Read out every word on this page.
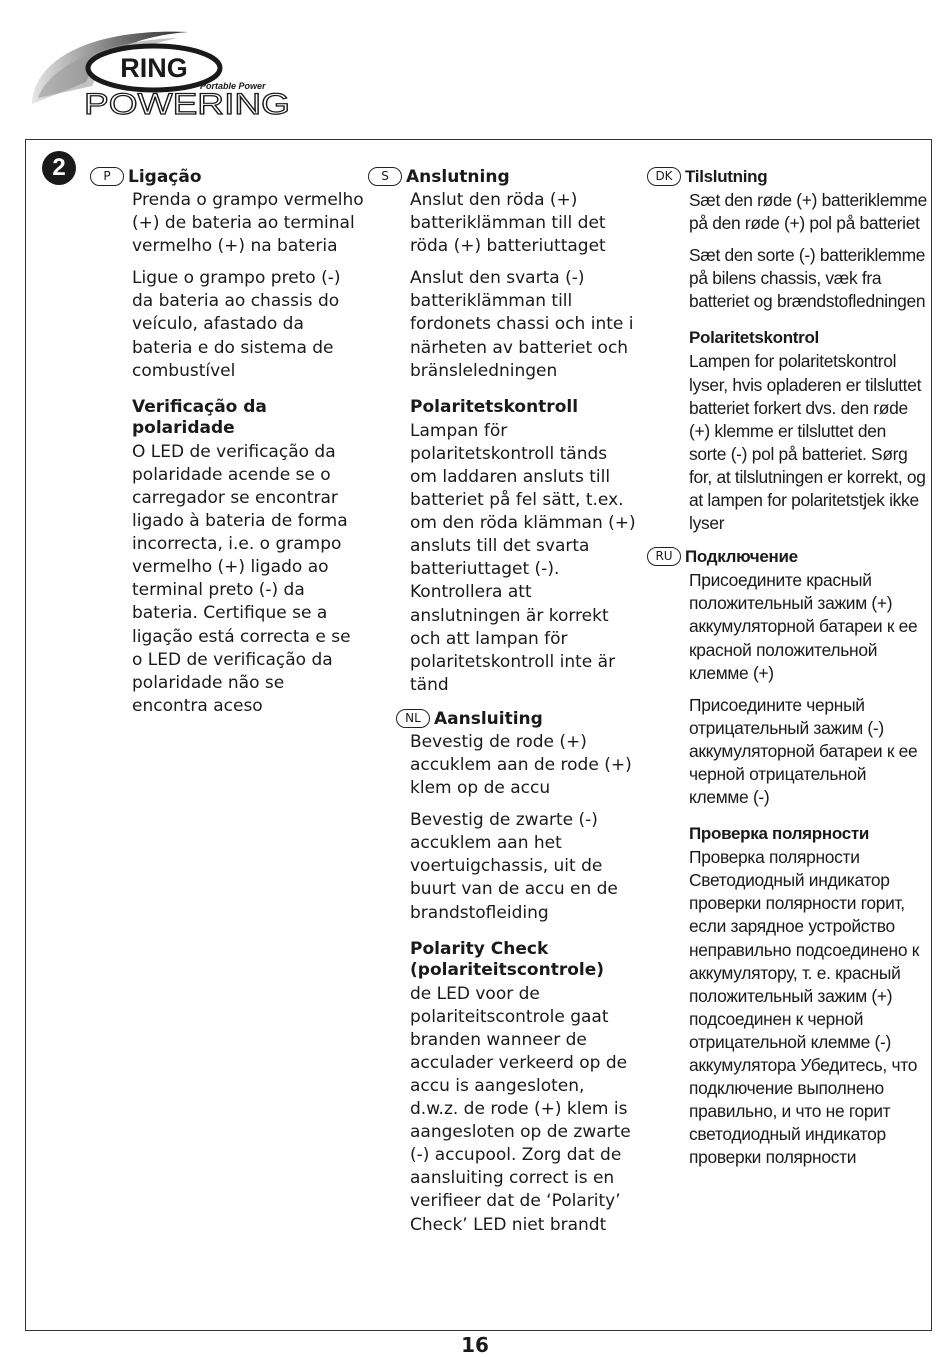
RING
Portable Power
POWERING
2	P	Ligação

Prenda o grampo vermelho (+) de bateria ao terminal vermelho (+) na bateria

Ligue o grampo preto (-) da bateria ao chassis do veículo, afastado da bateria e do sistema de combustível

Verificação da polaridade

O LED de verificação da polaridade acende se o carregador se encontrar ligado à bateria de forma incorrecta, i.e. o grampo vermelho (+) ligado ao terminal preto (-) da bateria. Certifique se a ligação está correcta e se o LED de verificação da polaridade não se encontra aceso

S	Anslutning

Anslut den röda (+) batteriklämman till det röda (+) batteriuttaget

Anslut den svarta (-) batteriklämman till fordonets chassi och inte i närheten av batteriet och bränsleledningen

Polaritetskontroll

Lampan för polaritetskontroll tänds om laddaren ansluts till batteriet på fel sätt, t.ex. om den röda klämman (+) ansluts till det svarta batteriuttaget (-). Kontrollera att anslutningen är korrekt och att lampan för polaritetskontroll inte är tänd

NL Aansluiting

Bevestig de rode (+) accuklem aan de rode (+) klem op de accu

Bevestig de zwarte (-) accuklem aan het voertuigchassis, uit de buurt van de accu en de brandstofleiding

Polarity Check (polariteitscontrole)

de LED voor de polariteitscontrole gaat branden wanneer de acculader verkeerd op de accu is aangesloten, d.w.z. de rode (+) klem is aangesloten op de zwarte (-) accupool. Zorg dat de aansluiting correct is en verifieer dat de ‘Polarity’ Check’ LED niet brandt

DK Tilslutning

Sæt den røde (+) batteriklemme på den røde (+) pol på batteriet

Sæt den sorte (-) batteriklemme på bilens chassis, væk fra batteriet og brændstofledningen

Polaritetskontrol

Lampen for polaritetskontrol lyser, hvis opladeren er tilsluttet batteriet forkert dvs. den røde (+) klemme er tilsluttet den sorte (-) pol på batteriet. Sørg for, at tilslutningen er korrekt, og at lampen for polaritetstjek ikke lyser

RU Подключение

Присоедините красный положительный зажим (+) аккумуляторной батареи к ее красной положительной клемме (+)

Присоедините черный отрицательный зажим (-) аккумуляторной батареи к ее черной отрицательной клемме (-)

Проверка полярности

Проверка полярности Светодиодный индикатор проверки полярности горит, если зарядное устройство неправильно подсоединено к аккумулятору, т. е. красный положительный зажим (+) подсоединен к черной отрицательной клемме (-) аккумулятора Убедитесь, что подключение выполнено правильно, и что не горит светодиодный индикатор проверки полярности

16
